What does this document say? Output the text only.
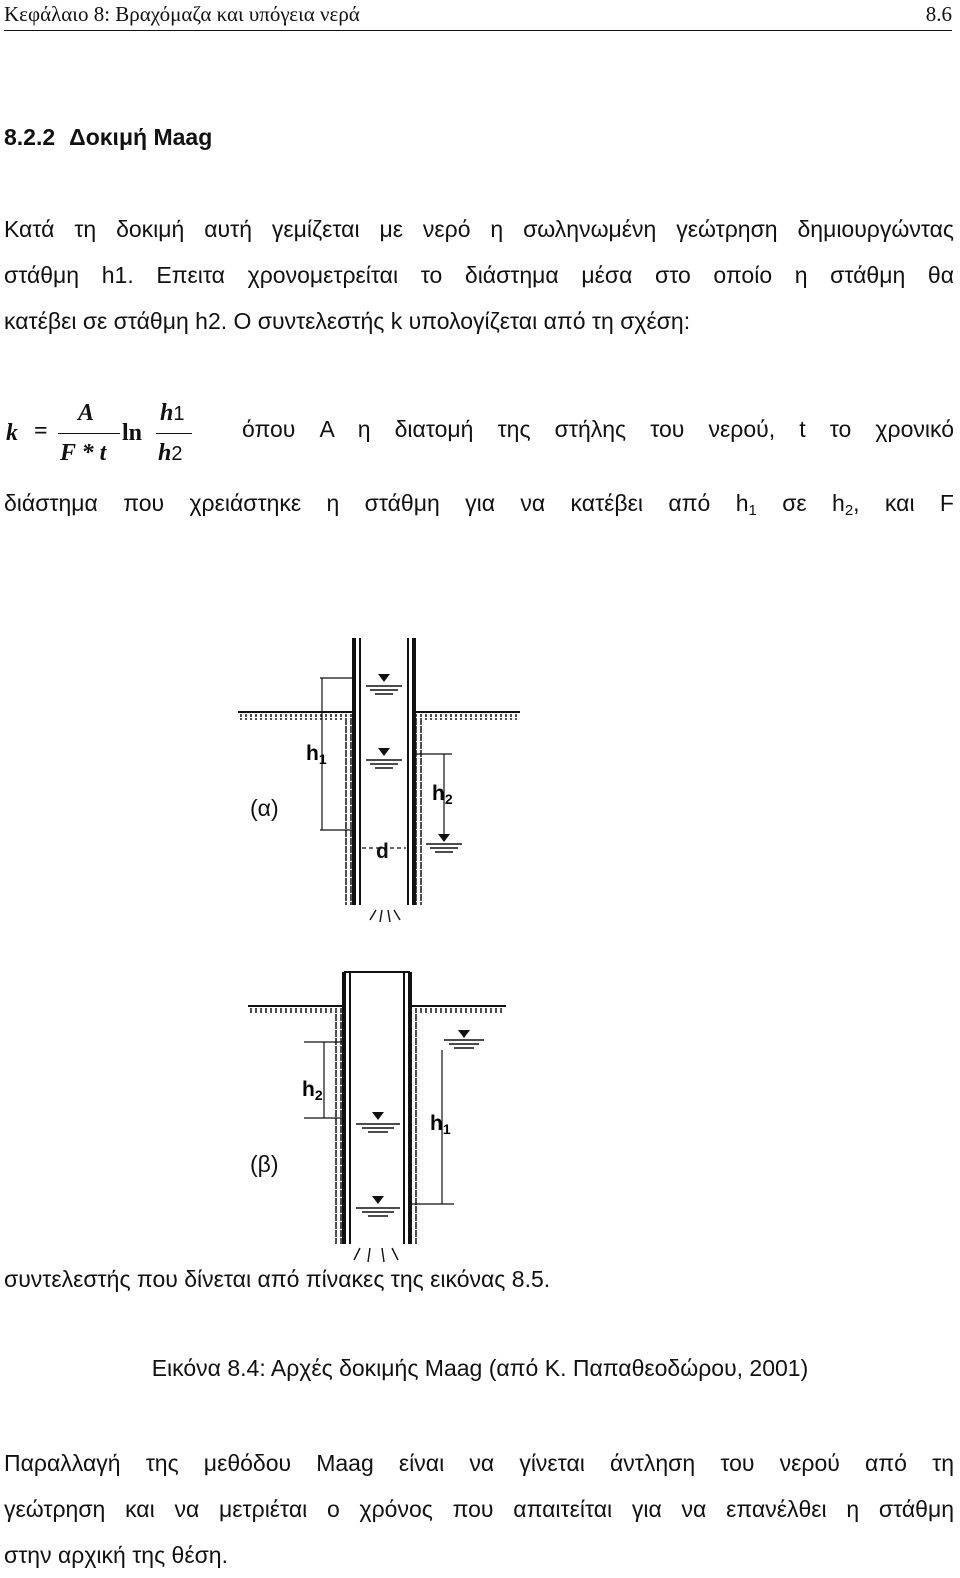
Κεφάλαιο 8: Βραχόμαζα και υπόγεια νερά	8.6
8.2.2 Δοκιμή Maag
Κατά τη δοκιμή αυτή γεμίζεται με νερό η σωληνωμένη γεώτρηση δημιουργώντας
στάθμη h1. Επειτα χρονομετρείται το διάστημα μέσα στο οποίο η στάθμη θα
κατέβει σε στάθμη h2. Ο συντελεστής k υπολογίζεται από τη σχέση:
k =
A
F * t
ln
h1
h2
όπου A η διατομή της στήλης του νερού, t το χρονικό
διάστημα που χρειάστηκε η στάθμη για να κατέβει από h1 σε h2, και F
h1
h2
d
(α)
h2
h1
(β)
συντελεστής που δίνεται από πίνακες της εικόνας 8.5.
Εικόνα 8.4: Αρχές δοκιμής Maag (από Κ. Παπαθεοδώρου, 2001)
Παραλλαγή της μεθόδου Maag είναι να γίνεται άντληση του νερού από τη
γεώτρηση και να μετριέται ο χρόνος που απαιτείται για να επανέλθει η στάθμη
στην αρχική της θέση.
